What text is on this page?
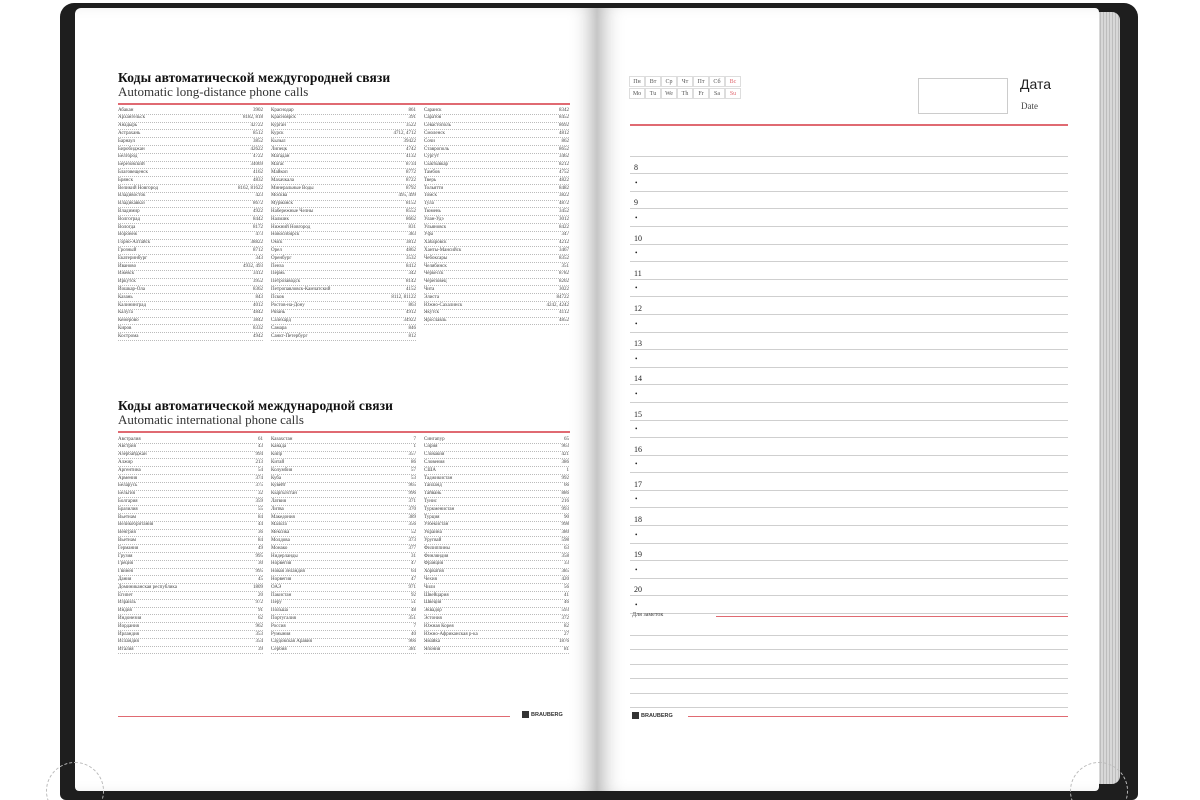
Коды автоматической междугородней связи
Automatic long-distance phone calls
Абакан	3902
Архангельск	8182, 818
Анадырь	42722
Астрахань	8512
Барнаул	3852
Биробиджан	42622
Белгород	4722
Березовский	34069
Благовещенск	4162
Брянск	4832
Великий Новгород	8162, 81622
Владивосток	423
Владикавказ	8672
Владимир	4922
Волгоград	8442
Вологда	8172
Воронеж	473
Горно-Алтайск	38822
Грозный	8712
Екатеринбург	343
Иваново	4932, 493
Ижевск	3412
Иркутск	3952
Йошкар-Ола	8362
Казань	843
Калининград	4012
Калуга	4842
Кемерово	3842
Киров	8332
Кострома	4942
Краснодар	861
Красноярск	391
Курган	3522
Курск	4712, 4712
Кызыл	39422
Липецк	4742
Магадан	4132
Магас	8734
Майкоп	8772
Махачкала	8722
Минеральные Воды	8792
Москва	495, 499
Мурманск	8152
Набережные Челны	8552
Нальчик	8662
Нижний Новгород	831
Новосибирск	383
Омск	3812
Орел	4862
Оренбург	3532
Пенза	8412
Пермь	342
Петрозаводск	8142
Петропавловск-Камчатский	4152
Псков	8112, 81122
Ростов-на-Дону	863
Рязань	4912
Салехард	34922
Самара	846
Санкт-Петербург	812
Саранск	8342
Саратов	8452
Севастополь	8692
Смоленск	4812
Сочи	862
Ставрополь	8652
Сургут	3462
Сыктывкар	8212
Тамбов	4752
Тверь	4822
Тольятти	8482
Томск	3822
Тула	4872
Тюмень	3452
Улан-Удэ	3012
Ульяновск	8422
Уфа	347
Хабаровск	4212
Ханты-Мансийск	3467
Чебоксары	8352
Челябинск	351
Черкесск	8782
Череповец	8202
Чита	3022
Элиста	84722
Южно-Сахалинск	4242, 4242
Якутск	4112
Ярославль	4852
Коды автоматической международной связи
Automatic international phone calls
Австралия	61
Австрия	43
Азербайджан	994
Алжир	213
Аргентина	54
Армения	374
Беларусь	375
Бельгия	32
Болгария	359
Бразилия	55
Вьетнам	84
Великобритания	44
Венгрия	36
Вьетнам	84
Германия	49
Грузия	995
Греция	30
Гвинея	995
Дания	45
Доминиканская республика	1809
Египет	20
Израиль	972
Индия	91
Индонезия	62
Иордания	962
Ирландия	353
Исландия	354
Италия	39
Казахстан	7
Канада	1
Кипр	357
Китай	86
Колумбия	57
Куба	53
Кувейт	965
Кыргызстан	996
Латвия	371
Литва	370
Македония	389
Мальта	356
Мексика	52
Молдова	373
Монако	377
Нидерланды	31
Норвегия	47
Новая Зеландия	64
Норвегия	47
ОАЭ	971
Пакистан	92
Перу	51
Польша	48
Португалия	351
Россия	7
Румыния	40
Саудовская Аравия	966
Сербия	381
Сингапур	65
Сирия	963
Словакия	421
Словения	386
США	1
Таджикистан	992
Таиланд	66
Тайвань	886
Тунис	216
Туркменистан	993
Турция	90
Узбекистан	998
Украина	380
Уругвай	598
Филиппины	63
Финляндия	358
Франция	33
Хорватия	385
Чехия	420
Чили	56
Швейцария	41
Швеция	46
Эквадор	593
Эстония	372
Южная Корея	82
Южно-Африканская р-ка	27
Ямайка	1876
Япония	81
BRAUBERG
Пн	Вт	Ср	Чт	Пт	Сб	Вс
Mo	Tu	We	Th	Fr	Sa	Su
Дата
Date
8
•
9
•
10
•
11
•
12
•
13
•
14
•
15
•
16
•
17
•
18
•
19
•
20
•
Для заметок
BRAUBERG
